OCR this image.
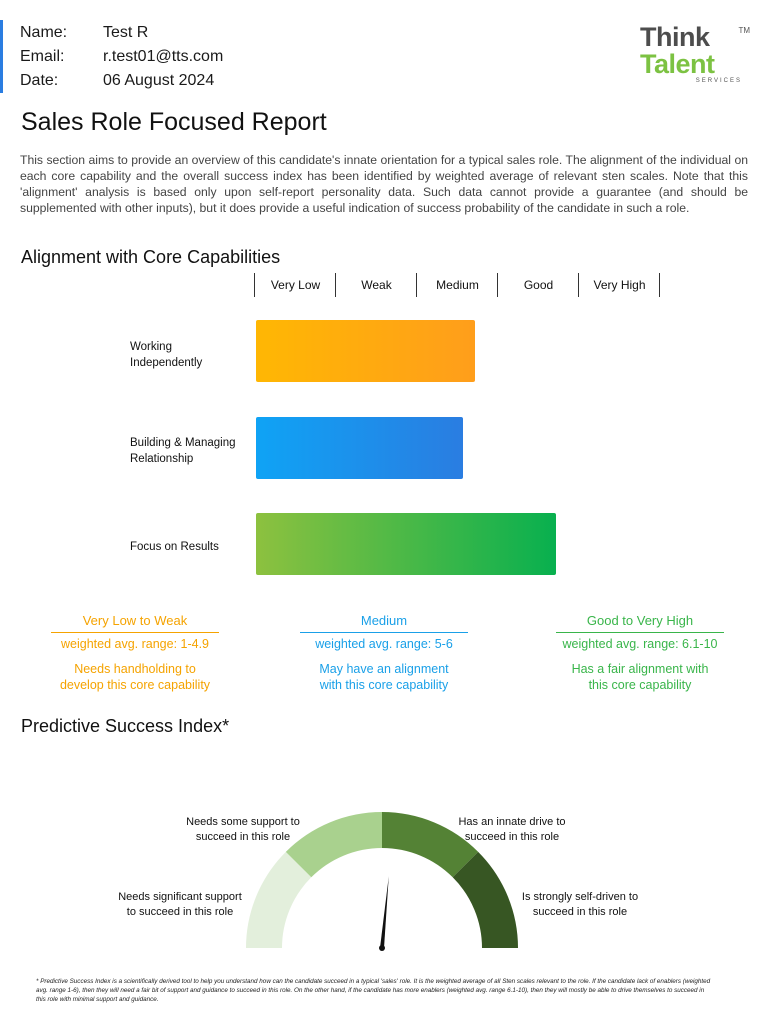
Name: Test R
Email: r.test01@tts.com
Date:	06 August 2024
TM
Think
Talent
SERVICES
Sales Role Focused Report
This section aims to provide an overview of this candidate's innate orientation for a typical sales role. The alignment of the individual on each core capability and the overall success index has been identified by weighted average of relevant sten scales. Note that this 'alignment' analysis is based only upon self-report personality data. Such data cannot provide a guarantee (and should be supplemented with other inputs), but it does provide a useful indication of success probability of the candidate in such a role.
Alignment with Core Capabilities
Very Low	Weak	Medium	Good	Very High
Working
Independently
Building & Managing
Relationship
Focus on Results
Very Low to Weak
weighted avg. range: 1-4.9
Needs handholding to
develop this core capability
Medium
weighted avg. range: 5-6
May have an alignment
with this core capability
Good to Very High
weighted avg. range: 6.1-10
Has a fair alignment with
this core capability
Predictive Success Index*
Needs significant support
to succeed in this role
Needs some support to
succeed in this role
Has an innate drive to
succeed in this role
Is strongly self-driven to
succeed in this role
* Predictive Success Index is a scientifically derived tool to help you understand how can the candidate succeed in a typical 'sales' role. It is the weighted average of all Sten scales relevant to the role. If the candidate lack of enablers (weighted avg. range 1-6), then they will need a fair bit of support and guidance to succeed in this role. On the other hand, if the candidate has more enablers (weighted avg. range 6.1-10), then they will mostly be able to drive themselves to succeed in this role with minimal support and guidance.
